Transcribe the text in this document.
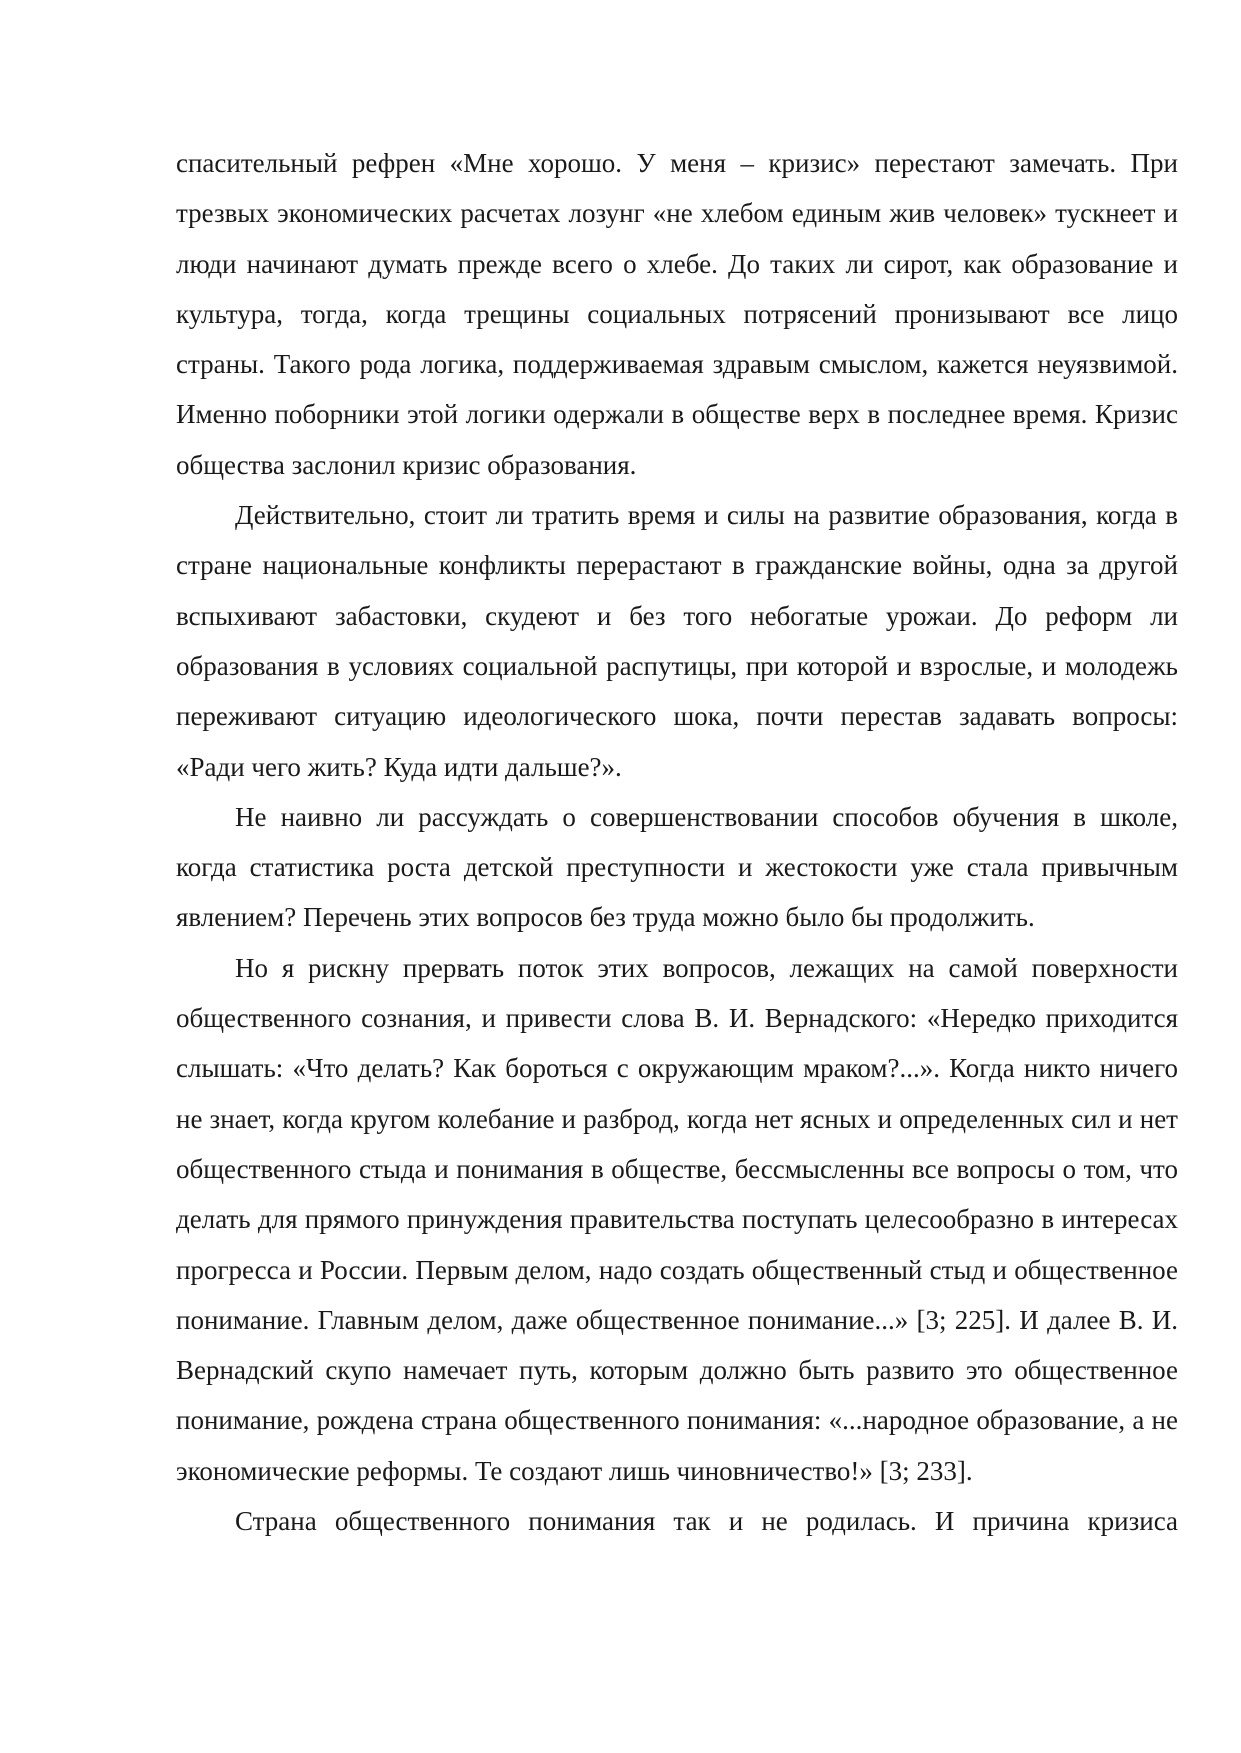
спасительный рефрен «Мне хорошо. У меня – кризис» перестают замечать. При трезвых экономических расчетах лозунг «не хлебом единым жив человек» тускнеет и люди начинают думать прежде всего о хлебе. До таких ли сирот, как образование и культура, тогда, когда трещины социальных потрясений пронизывают все лицо страны. Такого рода логика, поддерживаемая здравым смыслом, кажется неуязвимой. Именно поборники этой логики одержали в обществе верх в последнее время. Кризис общества заслонил кризис образования.

Действительно, стоит ли тратить время и силы на развитие образования, когда в стране национальные конфликты перерастают в гражданские войны, одна за другой вспыхивают забастовки, скудеют и без того небогатые урожаи. До реформ ли образования в условиях социальной распутицы, при которой и взрослые, и молодежь переживают ситуацию идеологического шока, почти перестав задавать вопросы: «Ради чего жить? Куда идти дальше?».

Не наивно ли рассуждать о совершенствовании способов обучения в школе, когда статистика роста детской преступности и жестокости уже стала привычным явлением? Перечень этих вопросов без труда можно было бы продолжить.

Но я рискну прервать поток этих вопросов, лежащих на самой поверхности общественного сознания, и привести слова В. И. Вернадского: «Нередко приходится слышать: «Что делать? Как бороться с окружающим мраком?...». Когда никто ничего не знает, когда кругом колебание и разброд, когда нет ясных и определенных сил и нет общественного стыда и понимания в обществе, бессмысленны все вопросы о том, что делать для прямого принуждения правительства поступать целесообразно в интересах прогресса и России. Первым делом, надо создать общественный стыд и общественное понимание. Главным делом, даже общественное понимание...» [3; 225]. И далее В. И. Вернадский скупо намечает путь, которым должно быть развито это общественное понимание, рождена страна общественного понимания: «...народное образование, а не экономические реформы. Те создают лишь чиновничество!» [3; 233].

Страна общественного понимания так и не родилась. И причина кризиса
